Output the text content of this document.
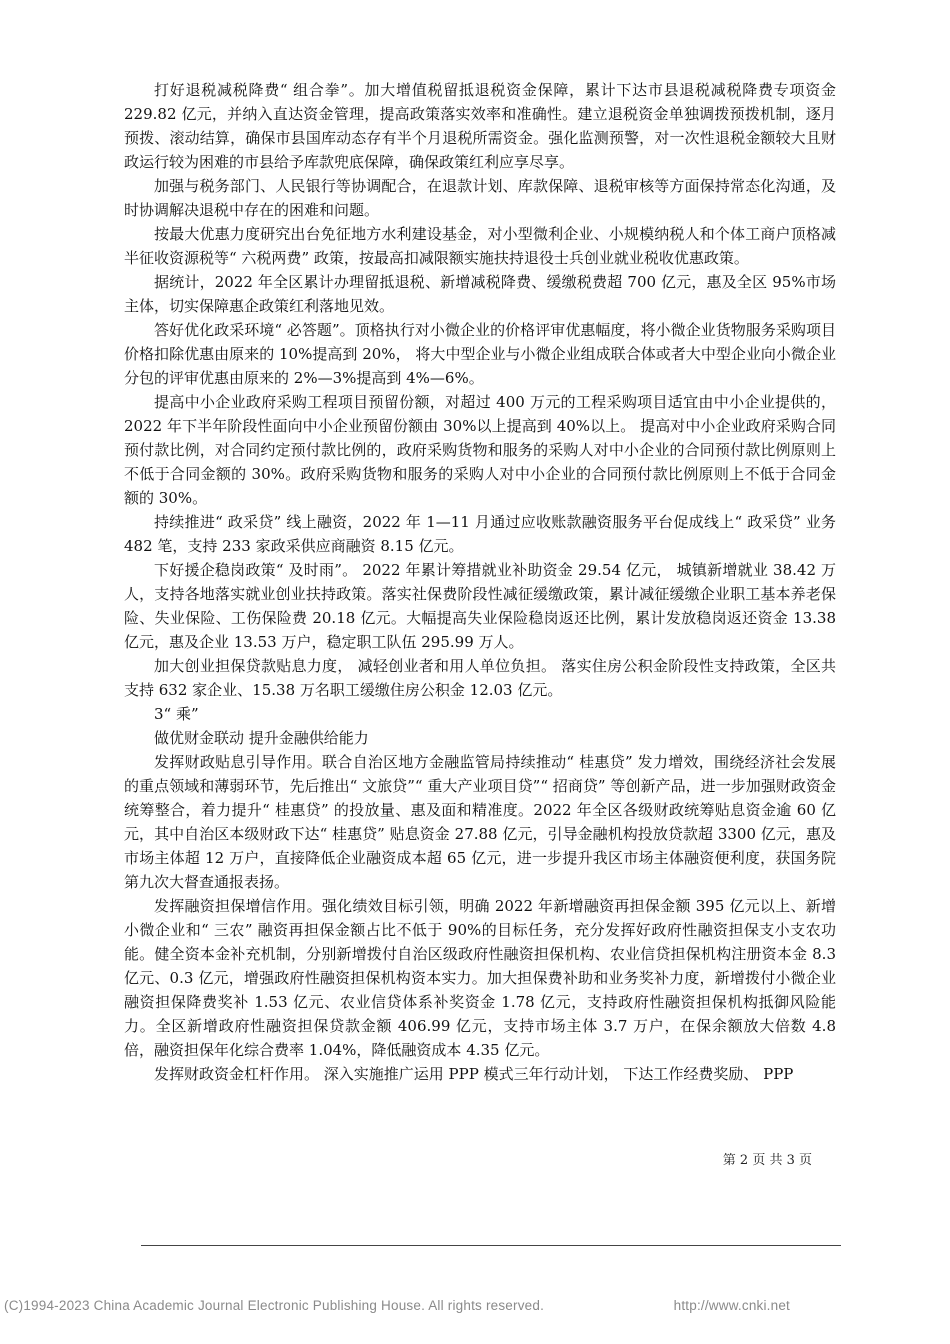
打好退税减税降费“ 组合拳”。加大增值税留抵退税资金保障，累计下达市县退税减税降费专项资金 229.82 亿元，并纳入直达资金管理，提高政策落实效率和准确性。建立退税资金单独调拨预拨机制，逐月预拨、滚动结算，确保市县国库动态存有半个月退税所需资金。强化监测预警，对一次性退税金额较大且财政运行较为困难的市县给予库款兜底保障，确保政策红利应享尽享。

加强与税务部门、人民银行等协调配合，在退款计划、库款保障、退税审核等方面保持常态化沟通，及时协调解决退税中存在的困难和问题。

按最大优惠力度研究出台免征地方水利建设基金，对小型微利企业、小规模纳税人和个体工商户顶格减半征收资源税等“ 六税两费” 政策，按最高扣减限额实施扶持退役士兵创业就业税收优惠政策。

据统计，2022 年全区累计办理留抵退税、新增减税降费、缓缴税费超 700 亿元，惠及全区 95%市场主体，切实保障惠企政策红利落地见效。

答好优化政采环境“ 必答题”。顶格执行对小微企业的价格评审优惠幅度，将小微企业货物服务采购项目价格扣除优惠由原来的 10%提高到 20%， 将大中型企业与小微企业组成联合体或者大中型企业向小微企业分包的评审优惠由原来的 2%—3%提高到 4%—6%。

提高中小企业政府采购工程项目预留份额，对超过 400 万元的工程采购项目适宜由中小企业提供的， 2022 年下半年阶段性面向中小企业预留份额由 30%以上提高到 40%以上。 提高对中小企业政府采购合同预付款比例，对合同约定预付款比例的，政府采购货物和服务的采购人对中小企业的合同预付款比例原则上不低于合同金额的 30%。政府采购货物和服务的采购人对中小企业的合同预付款比例原则上不低于合同金额的 30%。

持续推进“ 政采贷” 线上融资，2022 年 1—11 月通过应收账款融资服务平台促成线上“ 政采贷” 业务 482 笔，支持 233 家政采供应商融资 8.15 亿元。

下好援企稳岗政策“ 及时雨”。 2022 年累计筹措就业补助资金 29.54 亿元， 城镇新增就业 38.42 万人，支持各地落实就业创业扶持政策。落实社保费阶段性减征缓缴政策，累计减征缓缴企业职工基本养老保险、失业保险、工伤保险费 20.18 亿元。大幅提高失业保险稳岗返还比例，累计发放稳岗返还资金 13.38 亿元，惠及企业 13.53 万户，稳定职工队伍 295.99 万人。

加大创业担保贷款贴息力度， 减轻创业者和用人单位负担。 落实住房公积金阶段性支持政策，全区共支持 632 家企业、15.38 万名职工缓缴住房公积金 12.03 亿元。

3“ 乘”

做优财金联动 提升金融供给能力

发挥财政贴息引导作用。联合自治区地方金融监管局持续推动“ 桂惠贷” 发力增效，围绕经济社会发展的重点领域和薄弱环节，先后推出“ 文旅贷”“ 重大产业项目贷”“ 招商贷” 等创新产品，进一步加强财政资金统筹整合，着力提升“ 桂惠贷” 的投放量、惠及面和精准度。2022 年全区各级财政统筹贴息资金逾 60 亿元，其中自治区本级财政下达“ 桂惠贷” 贴息资金 27.88 亿元，引导金融机构投放贷款超 3300 亿元，惠及市场主体超 12 万户，直接降低企业融资成本超 65 亿元，进一步提升我区市场主体融资便利度，获国务院第九次大督查通报表扬。

发挥融资担保增信作用。强化绩效目标引领，明确 2022 年新增融资再担保金额 395 亿元以上、新增小微企业和“ 三农” 融资再担保金额占比不低于 90%的目标任务，充分发挥好政府性融资担保支小支农功能。健全资本金补充机制，分别新增拨付自治区级政府性融资担保机构、农业信贷担保机构注册资本金 8.3 亿元、0.3 亿元，增强政府性融资担保机构资本实力。加大担保费补助和业务奖补力度，新增拨付小微企业融资担保降费奖补 1.53 亿元、农业信贷体系补奖资金 1.78 亿元，支持政府性融资担保机构抵御风险能力。全区新增政府性融资担保贷款金额 406.99 亿元，支持市场主体 3.7 万户，在保余额放大倍数 4.8 倍，融资担保年化综合费率 1.04%，降低融资成本 4.35 亿元。

发挥财政资金杠杆作用。 深入实施推广运用 PPP 模式三年行动计划， 下达工作经费奖励、 PPP

第 2 页 共 3 页
(C)1994-2023 China Academic Journal Electronic Publishing House. All rights reserved.	http://www.cnki.net
